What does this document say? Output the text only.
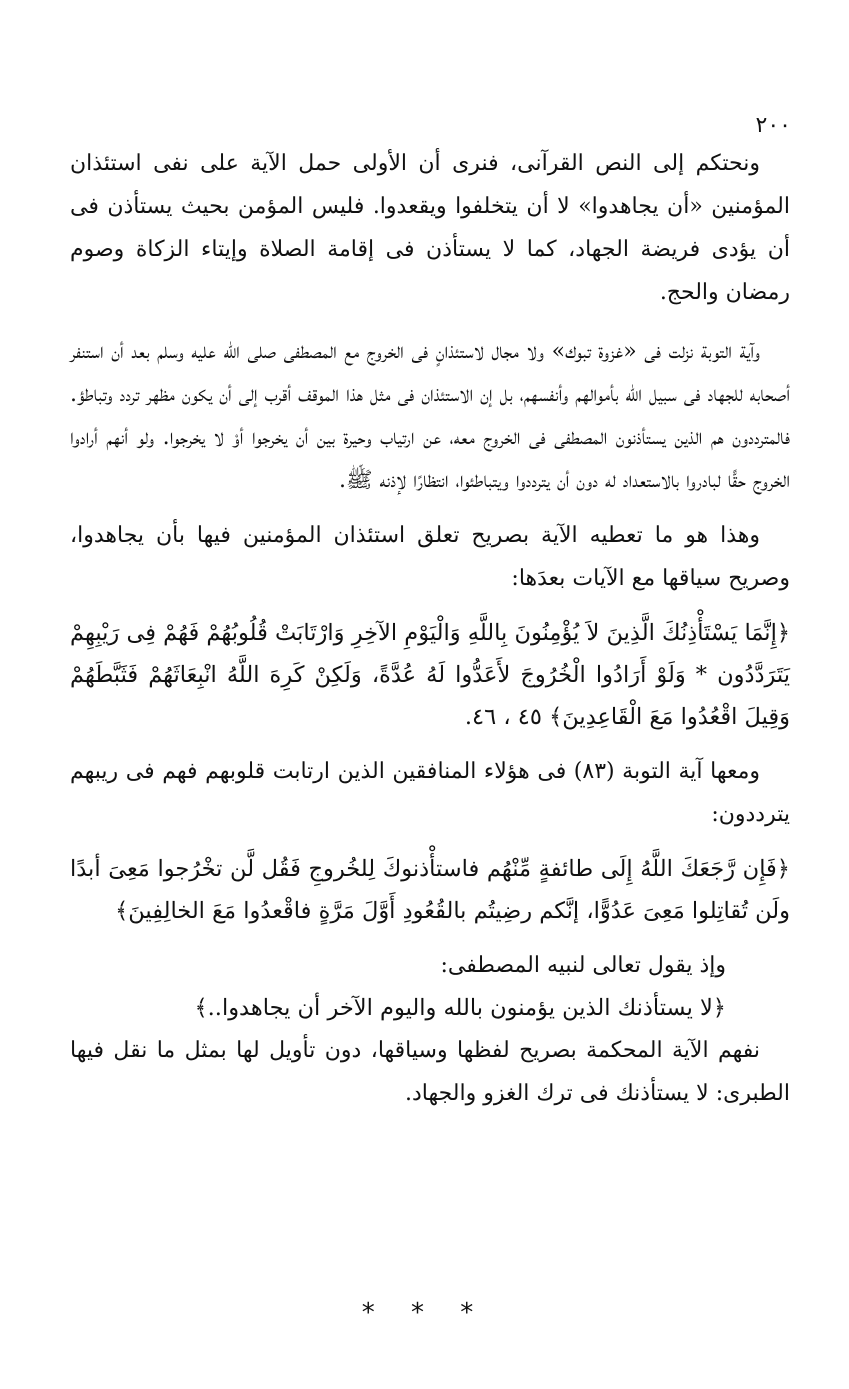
٢٠٠

ونحتكم إلى النص القرآنى، فنرى أن الأولى حمل الآية على نفى استئذان المؤمنين «أن يجاهدوا» لا أن يتخلفوا ويقعدوا. فليس المؤمن بحيث يستأذن فى أن يؤدى فريضة الجهاد، كما لا يستأذن فى إقامة الصلاة وإيتاء الزكاة وصوم رمضان والحج.

وآية التوبة نزلت فى «غزوة تبوك» ولا مجال لاستئذانٍ فى الخروج مع المصطفى صلى الله عليه وسلم بعد أن استنفر أصحابه للجهاد فى سبيل الله بأموالهم وأنفسهم، بل إن الاستئذان فى مثل هذا الموقف أقرب إلى أن يكون مظهر تردد وتباطؤ. فالمترددون هم الذين يستأذنون المصطفى فى الخروج معه، عن ارتياب وحيرة بين أن يخرجوا أوْ لا يخرجوا. ولو أنهم أرادوا الخروج حقًّا لبادروا بالاستعداد له دون أن يترددوا ويتباطئوا، انتظارًا لإذنه ﷺ.

وهذا هو ما تعطيه الآية بصريح تعلق استئذان المؤمنين فيها بأن يجاهدوا، وصريح سياقها مع الآيات بعدَها:

﴿إِنَّمَا يَسْتَأْذِنُكَ الَّذِينَ لاَ يُؤْمِنُونَ بِاللَّهِ وَالْيَوْمِ الآخِرِ وَارْتَابَتْ قُلُوبُهُمْ فَهُمْ فِى رَيْبِهِمْ يَتَرَدَّدُون * وَلَوْ أَرَادُوا الْخُرُوجَ لأَعَدُّوا لَهُ عُدَّةً، وَلَكِنْ كَرِهَ اللَّهُ انْبِعَاثَهُمْ فَثَبَّطَهُمْ وَقِيلَ اقْعُدُوا مَعَ الْقَاعِدِينَ﴾ ٤٥ ، ٤٦.

ومعها آية التوبة (٨٣) فى هؤلاء المنافقين الذين ارتابت قلوبهم فهم فى ريبهم يترددون:

﴿فَإِن رَّجَعَكَ اللَّهُ إِلَى طائفةٍ مِّنْهُم فاستأْذنوكَ لِلخُروجِ فَقُل لَّن تخْرُجوا مَعِىَ أبدًا ولَن تُقاتِلوا مَعِىَ عَدُوًّا، إنَّكم رضِيتُم بالقُعُودِ أَوَّلَ مَرَّةٍ فاقْعدُوا مَعَ الخالِفِينَ﴾

وإذ يقول تعالى لنبيه المصطفى:

﴿لا يستأذنك الذين يؤمنون بالله واليوم الآخر أن يجاهدوا..﴾

نفهم الآية المحكمة بصريح لفظها وسياقها، دون تأويل لها بمثل ما نقل فيها الطبرى: لا يستأذنك فى ترك الغزو والجهاد.

* * *
